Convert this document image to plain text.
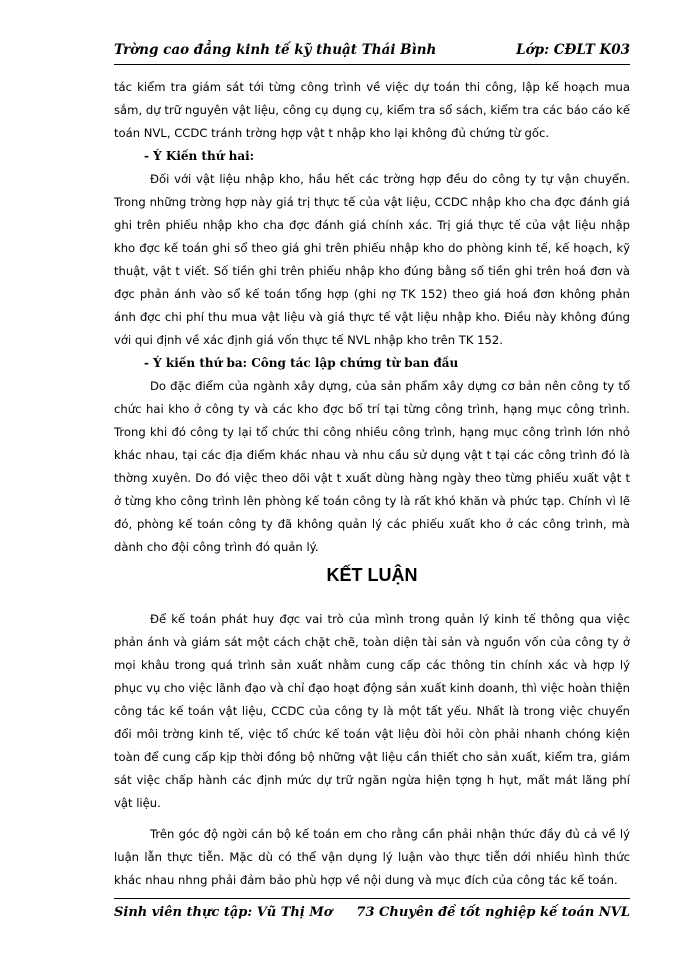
Trờng cao đẳng kinh tế kỹ thuật Thái Bình	Lớp: CĐLT K03

tác kiểm tra giám sát tới từng công trình về việc dự toán thi công, lập kế hoạch mua sắm, dự trữ nguyên vật liệu, công cụ dụng cụ, kiểm tra sổ sách, kiểm tra các báo cáo kế toán NVL, CCDC tránh trờng hợp vật t nhập kho lại không đủ chứng từ gốc.

- Ý Kiến thứ hai:

Đối với vật liệu nhập kho, hầu hết các trờng hợp đều do công ty tự vận chuyển. Trong những trờng hợp này giá trị thực tế của vật liệu, CCDC nhập kho cha đợc đánh giá ghi trên phiếu nhập kho cha đợc đánh giá chính xác. Trị giá thực tế của vật liệu nhập kho đợc kế toán ghi sổ theo giá ghi trên phiếu nhập kho do phòng kinh tế, kế hoạch, kỹ thuật, vật t viết. Số tiền ghi trên phiếu nhập kho đúng bằng số tiền ghi trên hoá đơn và đợc phản ánh vào sổ kế toán tổng hợp (ghi nợ TK 152) theo giá hoá đơn không phản ánh đợc chi phí thu mua vật liệu và giá thực tế vật liệu nhập kho. Điều này không đúng với qui định về xác định giá vốn thực tế NVL nhập kho trên TK 152.

- Ý kiến thứ ba: Công tác lập chứng từ ban đầu

Do đặc điểm của ngành xây dựng, của sản phẩm xây dựng cơ bản nên công ty tổ chức hai kho ở công ty và các kho đợc bố trí tại từng công trình, hạng mục công trình. Trong khi đó công ty lại tổ chức thi công nhiều công trình, hạng mục công trình lớn nhỏ khác nhau, tại các địa điểm khác nhau và nhu cầu sử dụng vật t tại các công trình đó là thờng xuyên. Do đó việc theo dõi vật t xuất dùng hàng ngày theo từng phiếu xuất vật t ở từng kho công trình lên phòng kế toán công ty là rất khó khăn và phức tạp. Chính vì lẽ đó, phòng kế toán công ty đã không quản lý các phiếu xuất kho ở các công trình, mà dành cho đội công trình đó quản lý.

KẾT LUẬN

Để kế toán phát huy đợc vai trò của mình trong quản lý kinh tế thông qua việc phản ánh và giám sát một cách chặt chẽ, toàn diện tài sản và nguồn vốn của công ty ở mọi khâu trong quá trình sản xuất nhằm cung cấp các thông tin chính xác và hợp lý phục vụ cho việc lãnh đạo và chỉ đạo hoạt động sản xuất kinh doanh, thì việc hoàn thiện công tác kế toán vật liệu, CCDC của công ty là một tất yếu. Nhất là trong việc chuyển đổi môi trờng kinh tế, việc tổ chức kế toán vật liệu đòi hỏi còn phải nhanh chóng kiện toàn để cung cấp kịp thời đồng bộ những vật liệu cần thiết cho sản xuất, kiểm tra, giám sát việc chấp hành các định mức dự trữ ngăn ngừa hiện tợng h hụt, mất mát lãng phí vật liệu.

Trên góc độ ngời cán bộ kế toán em cho rằng cần phải nhận thức đầy đủ cả về lý luận lẫn thực tiễn. Mặc dù có thể vận dụng lý luận vào thực tiễn dới nhiều hình thức khác nhau nhng phải đảm bảo phù hợp về nội dung và mục đích của công tác kế toán.

Sinh viên thực tập: Vũ Thị Mơ 73 Chuyên đề tốt nghiệp kế toán NVL
